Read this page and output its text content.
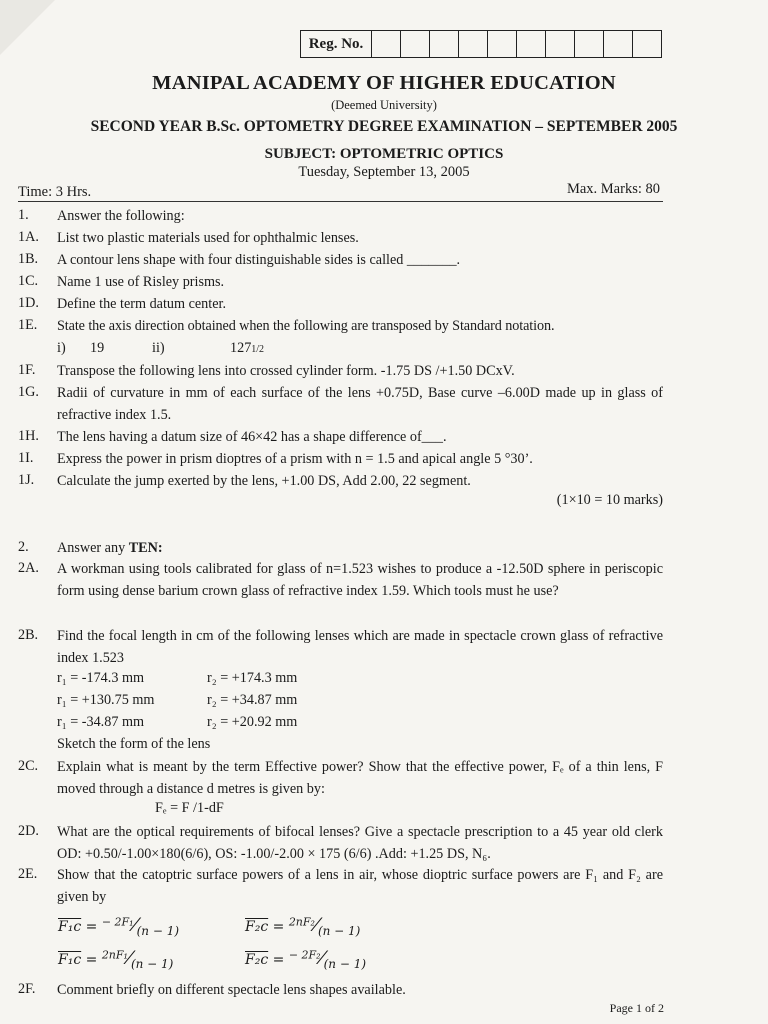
Reg. No.
MANIPAL ACADEMY OF HIGHER EDUCATION
(Deemed University)
SECOND YEAR B.Sc. OPTOMETRY DEGREE EXAMINATION – SEPTEMBER 2005
SUBJECT: OPTOMETRIC OPTICS
Tuesday, September 13, 2005
Time: 3 Hrs.	Max. Marks: 80
1. Answer the following:
1A. List two plastic materials used for ophthalmic lenses.
1B. A contour lens shape with four distinguishable sides is called _______.
1C. Name 1 use of Risley prisms.
1D. Define the term datum center.
1E. State the axis direction obtained when the following are transposed by Standard notation.
i) 19	ii)	1271/2
1F. Transpose the following lens into crossed cylinder form. -1.75 DS /+1.50 DCxV.
1G. Radii of curvature in mm of each surface of the lens +0.75D, Base curve –6.00D made up in glass of refractive index 1.5.
1H. The lens having a datum size of 46×42 has a shape difference of___.
1I. Express the power in prism dioptres of a prism with n = 1.5 and apical angle 5 °30’.
1J. Calculate the jump exerted by the lens, +1.00 DS, Add 2.00, 22 segment.
(1×10 = 10 marks)
2. Answer any TEN:
2A. A workman using tools calibrated for glass of n=1.523 wishes to produce a -12.50D sphere in periscopic form using dense barium crown glass of refractive index 1.59. Which tools must he use?
2B. Find the focal length in cm of the following lenses which are made in spectacle crown glass of refractive index 1.523
r₁ = -174.3 mm	r₂ = +174.3 mm
r₁ = +130.75 mm	r₂ = +34.87 mm
r₁ = -34.87 mm	r₂ = +20.92 mm
Sketch the form of the lens
2C. Explain what is meant by the term Effective power? Show that the effective power, Fₑ of a thin lens, F moved through a distance d metres is given by:
Fₑ = F /1-dF
2D. What are the optical requirements of bifocal lenses? Give a spectacle prescription to a 45 year old clerk OD: +0.50/-1.00×180(6/6), OS: -1.00/-2.00 × 175 (6/6) .Add: +1.25 DS, N₆.
2E. Show that the catoptric surface powers of a lens in air, whose dioptric surface powers are F₁ and F₂ are given by
$F_1c = ^{- 2F_1}⁄_{(n - 1)}$	$F_2c = ^{2nF_2}⁄_{(n - 1)}$
$F_1c = ^{2nF_1}⁄_{(n - 1)}$	$F_2c = ^{- 2F_2}⁄_{(n - 1)}$
2F. Comment briefly on different spectacle lens shapes available.
Page 1 of 2
